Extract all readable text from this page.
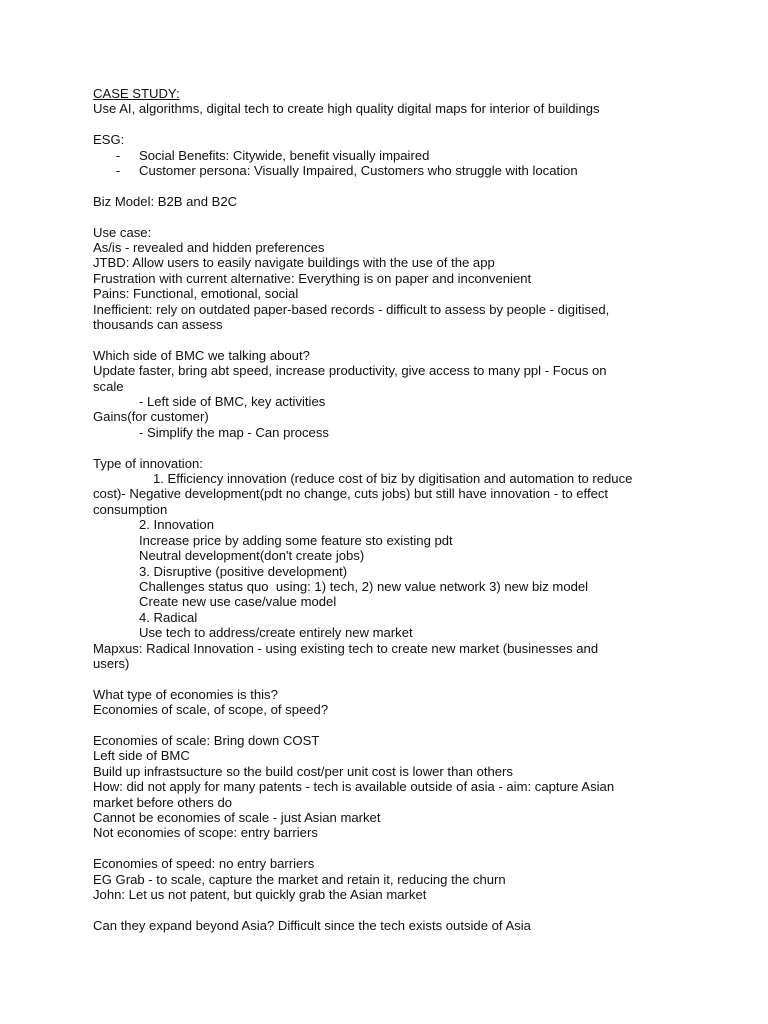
CASE STUDY:
Use AI, algorithms, digital tech to create high quality digital maps for interior of buildings
ESG:
- Social Benefits: Citywide, benefit visually impaired
- Customer persona: Visually Impaired, Customers who struggle with location
Biz Model: B2B and B2C
Use case:
As/is - revealed and hidden preferences
JTBD: Allow users to easily navigate buildings with the use of the app
Frustration with current alternative: Everything is on paper and inconvenient
Pains: Functional, emotional, social
Inefficient: rely on outdated paper-based records - difficult to assess by people - digitised,
thousands can assess
Which side of BMC we talking about?
Update faster, bring abt speed, increase productivity, give access to many ppl - Focus on
scale
- Left side of BMC, key activities
Gains(for customer)
- Simplify the map - Can process
Type of innovation:
1. Efficiency innovation (reduce cost of biz by digitisation and automation to reduce
cost)- Negative development(pdt no change, cuts jobs) but still have innovation - to effect
consumption
2. Innovation
Increase price by adding some feature sto existing pdt
Neutral development(don't create jobs)
3. Disruptive (positive development)
Challenges status quo  using: 1) tech, 2) new value network 3) new biz model
Create new use case/value model
4. Radical
Use tech to address/create entirely new market
Mapxus: Radical Innovation - using existing tech to create new market (businesses and
users)
What type of economies is this?
Economies of scale, of scope, of speed?
Economies of scale: Bring down COST
Left side of BMC
Build up infrastsucture so the build cost/per unit cost is lower than others
How: did not apply for many patents - tech is available outside of asia - aim: capture Asian
market before others do
Cannot be economies of scale - just Asian market
Not economies of scope: entry barriers
Economies of speed: no entry barriers
EG Grab - to scale, capture the market and retain it, reducing the churn
John: Let us not patent, but quickly grab the Asian market
Can they expand beyond Asia? Difficult since the tech exists outside of Asia
